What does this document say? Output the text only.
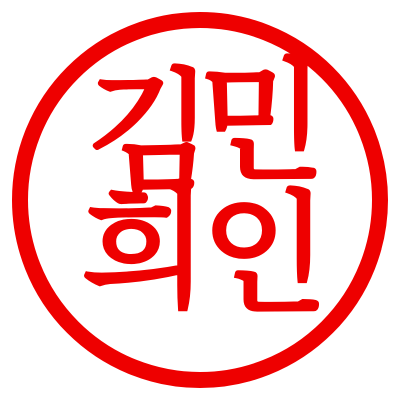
김
민
희
인
